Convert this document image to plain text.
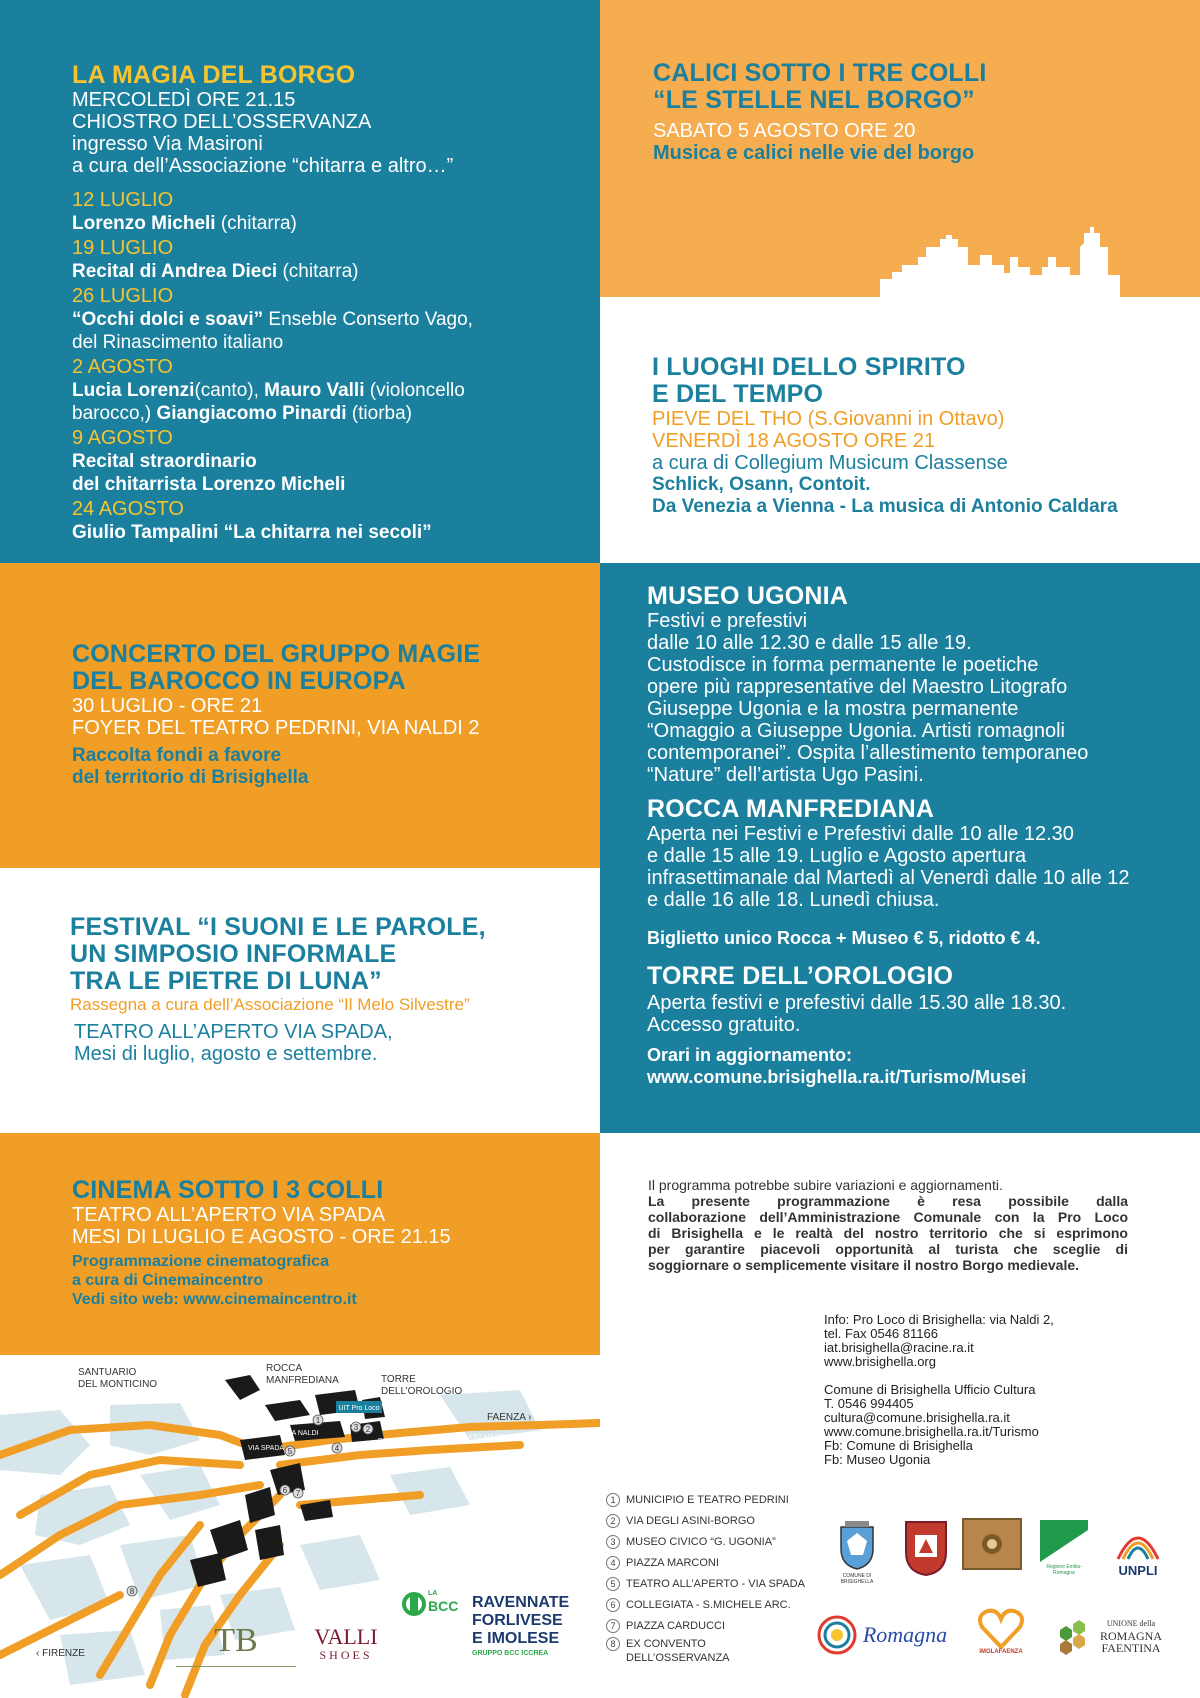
LA MAGIA DEL BORGO

MERCOLEDÌ ORE 21.15

CHIOSTRO DELL’OSSERVANZA

ingresso Via Masironi

a cura dell’Associazione “chitarra e altro…”

12 LUGLIO

Lorenzo Micheli (chitarra)

19 LUGLIO

Recital di Andrea Dieci (chitarra)

26 LUGLIO

“Occhi dolci e soavi” Enseble Conserto Vago,

del Rinascimento italiano

2 AGOSTO

Lucia Lorenzi(canto), Mauro Valli (violoncello

barocco,) Giangiacomo Pinardi (tiorba)

9 AGOSTO

Recital straordinario

del chitarrista Lorenzo Micheli

24 AGOSTO

Giulio Tampalini “La chitarra nei secoli”

CALICI SOTTO I TRE COLLI

“LE STELLE NEL BORGO”

SABATO 5 AGOSTO ORE 20

Musica e calici nelle vie del borgo

I LUOGHI DELLO SPIRITO

E DEL TEMPO

PIEVE DEL THO (S.Giovanni in Ottavo)

VENERDÌ 18 AGOSTO ORE 21

a cura di Collegium Musicum Classense

Schlick, Osann, Contoit.

Da Venezia a Vienna - La musica di Antonio Caldara

CONCERTO DEL GRUPPO MAGIE

DEL BAROCCO IN EUROPA

30 LUGLIO - ORE 21

FOYER DEL TEATRO PEDRINI, VIA NALDI 2

Raccolta fondi a favore

del territorio di Brisighella

MUSEO UGONIA

Festivi e prefestivi

dalle 10 alle 12.30 e dalle 15 alle 19.

Custodisce in forma permanente le poetiche

opere più rappresentative del Maestro Litografo

Giuseppe Ugonia e la mostra permanente

“Omaggio a Giuseppe Ugonia. Artisti romagnoli

contemporanei”. Ospita l’allestimento temporaneo

“Nature” dell’artista Ugo Pasini.

ROCCA MANFREDIANA

Aperta nei Festivi e Prefestivi dalle 10 alle 12.30

e dalle 15 alle 19. Luglio e Agosto apertura

infrasettimanale dal Martedì al Venerdì dalle 10 alle 12

e dalle 16 alle 18. Lunedì chiusa.

Biglietto unico Rocca + Museo € 5, ridotto € 4.

TORRE DELL’OROLOGIO

Aperta festivi e prefestivi dalle 15.30 alle 18.30.

Accesso gratuito.

Orari in aggiornamento:

www.comune.brisighella.ra.it/Turismo/Musei

FESTIVAL “I SUONI E LE PAROLE,

UN SIMPOSIO INFORMALE

TRA LE PIETRE DI LUNA”

Rassegna a cura dell’Associazione “Il Melo Silvestre”

TEATRO ALL’APERTO VIA SPADA,

Mesi di luglio, agosto e settembre.

CINEMA SOTTO I 3 COLLI

TEATRO ALL’APERTO VIA SPADA

MESI DI LUGLIO E AGOSTO - ORE 21.15

Programmazione cinematografica

a cura di Cinemaincentro

Vedi sito web: www.cinemaincentro.it

Il programma potrebbe subire variazioni e aggiornamenti.

La presente programmazione è resa possibile dalla

collaborazione dell’Amministrazione Comunale con la Pro Loco

di Brisighella e le realtà del nostro territorio che si esprimono

per garantire piacevoli opportunità al turista che sceglie di

soggiornare o semplicemente visitare il nostro Borgo medievale.

Info: Pro Loco di Brisighella: via Naldi 2,

tel. Fax 0546 81166

iat.brisighella@racine.ra.it

www.brisighella.org

Comune di Brisighella Ufficio Cultura

T. 0546 994405

cultura@comune.brisighella.ra.it

www.comune.brisighella.ra.it/Turismo

Fb: Comune di Brisighella

Fb: Museo Ugonia

UIT Pro Loco
1
3 2
4
6 7
8
5
VIA SPADA
VIA NALDI
VIA XXV MAGGIO
PIAZZA F. GIROLO
SANTUARIO
DEL MONTICINO
ROCCA
MANFREDIANA	TORRE
DELL’OROLOGIO
FAENZA ›
‹ FIRENZE
1 MUNICIPIO E TEATRO PEDRINI
2 VIA DEGLI ASINI-BORGO
3 MUSEO CIVICO “G. UGONIA”
4 PIAZZA MARCONI
5 TEATRO ALL’APERTO - VIA SPADA
6 COLLEGIATA - S.MICHELE ARC.
7 PIAZZA CARDUCCI
8 EX CONVENTO
DELL’OSSERVANZA
TB	VALLI
SHOES
LA
BCC RAVENNATE

FORLIVESE

E IMOLESE

GRUPPO BCC ICCREA

COMUNE DI BRISIGHELLA
Regione Emilia-Romagna	UNPLI
Romagna
IMOLAFAENZA
UNIONE della
ROMAGNA
FAENTINA
